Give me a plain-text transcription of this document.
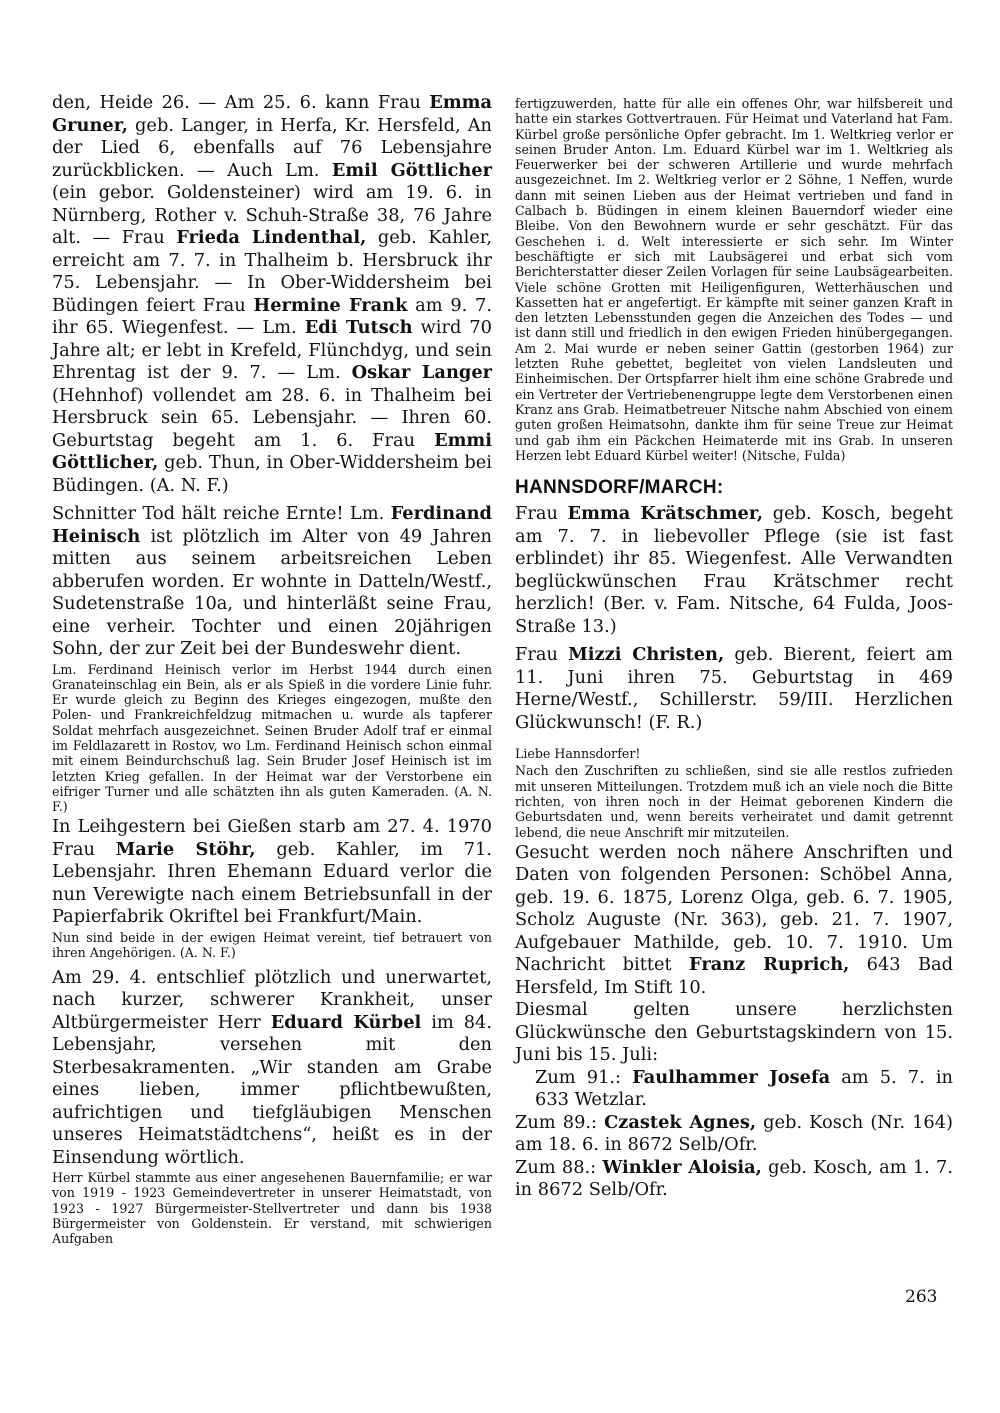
den, Heide 26. — Am 25. 6. kann Frau Emma Gruner, geb. Langer, in Herfa, Kr. Hersfeld, An der Lied 6, ebenfalls auf 76 Lebensjahre zurückblicken. — Auch Lm. Emil Göttlicher (ein gebor. Goldensteiner) wird am 19. 6. in Nürnberg, Rother v. Schuh-Straße 38, 76 Jahre alt. — Frau Frieda Lindenthal, geb. Kahler, erreicht am 7. 7. in Thalheim b. Hersbruck ihr 75. Lebensjahr. — In Ober-Widdersheim bei Büdingen feiert Frau Hermine Frank am 9. 7. ihr 65. Wiegenfest. — Lm. Edi Tutsch wird 70 Jahre alt; er lebt in Krefeld, Flünchdyg, und sein Ehrentag ist der 9. 7. — Lm. Oskar Langer (Hehnhof) vollendet am 28. 6. in Thalheim bei Hersbruck sein 65. Lebensjahr. — Ihren 60. Geburtstag begeht am 1. 6. Frau Emmi Göttlicher, geb. Thun, in Ober-Widdersheim bei Büdingen. (A. N. F.)

Schnitter Tod hält reiche Ernte! Lm. Ferdinand Heinisch ist plötzlich im Alter von 49 Jahren mitten aus seinem arbeitsreichen Leben abberufen worden. Er wohnte in Datteln/Westf., Sudetenstraße 10a, und hinterläßt seine Frau, eine verheir. Tochter und einen 20jährigen Sohn, der zur Zeit bei der Bundeswehr dient.

Lm. Ferdinand Heinisch verlor im Herbst 1944 durch einen Granateinschlag ein Bein, als er als Spieß in die vordere Linie fuhr. Er wurde gleich zu Beginn des Krieges eingezogen, mußte den Polen- und Frankreichfeldzug mitmachen u. wurde als tapferer Soldat mehrfach ausgezeichnet. Seinen Bruder Adolf traf er einmal im Feldlazarett in Rostov, wo Lm. Ferdinand Heinisch schon einmal mit einem Beindurchschuß lag. Sein Bruder Josef Heinisch ist im letzten Krieg gefallen. In der Heimat war der Verstorbene ein eifriger Turner und alle schätzten ihn als guten Kameraden. (A. N. F.)

In Leihgestern bei Gießen starb am 27. 4. 1970 Frau Marie Stöhr, geb. Kahler, im 71. Lebensjahr. Ihren Ehemann Eduard verlor die nun Verewigte nach einem Betriebsunfall in der Papierfabrik Okriftel bei Frankfurt/Main.

Nun sind beide in der ewigen Heimat vereint, tief betrauert von ihren Angehörigen. (A. N. F.)

Am 29. 4. entschlief plötzlich und unerwartet, nach kurzer, schwerer Krankheit, unser Altbürgermeister Herr Eduard Kürbel im 84. Lebensjahr, versehen mit den Sterbesakramenten. „Wir standen am Grabe eines lieben, immer pflichtbewußten, aufrichtigen und tiefgläubigen Menschen unseres Heimatstädtchens“, heißt es in der Einsendung wörtlich.

Herr Kürbel stammte aus einer angesehenen Bauernfamilie; er war von 1919 - 1923 Gemeindevertreter in unserer Heimatstadt, von 1923 - 1927 Bürgermeister-Stellvertreter und dann bis 1938 Bürgermeister von Goldenstein. Er verstand, mit schwierigen Aufgaben

fertigzuwerden, hatte für alle ein offenes Ohr, war hilfsbereit und hatte ein starkes Gottvertrauen. Für Heimat und Vaterland hat Fam. Kürbel große persönliche Opfer gebracht. Im 1. Weltkrieg verlor er seinen Bruder Anton. Lm. Eduard Kürbel war im 1. Weltkrieg als Feuerwerker bei der schweren Artillerie und wurde mehrfach ausgezeichnet. Im 2. Weltkrieg verlor er 2 Söhne, 1 Neffen, wurde dann mit seinen Lieben aus der Heimat vertrieben und fand in Calbach b. Büdingen in einem kleinen Bauerndorf wieder eine Bleibe. Von den Bewohnern wurde er sehr geschätzt. Für das Geschehen i. d. Welt interessierte er sich sehr. Im Winter beschäftigte er sich mit Laubsägerei und erbat sich vom Berichterstatter dieser Zeilen Vorlagen für seine Laubsägearbeiten. Viele schöne Grotten mit Heiligenfiguren, Wetterhäuschen und Kassetten hat er angefertigt. Er kämpfte mit seiner ganzen Kraft in den letzten Lebensstunden gegen die Anzeichen des Todes — und ist dann still und friedlich in den ewigen Frieden hinübergegangen. Am 2. Mai wurde er neben seiner Gattin (gestorben 1964) zur letzten Ruhe gebettet, begleitet von vielen Landsleuten und Einheimischen. Der Ortspfarrer hielt ihm eine schöne Grabrede und ein Vertreter der Vertriebenengruppe legte dem Verstorbenen einen Kranz ans Grab. Heimatbetreuer Nitsche nahm Abschied von einem guten großen Heimatsohn, dankte ihm für seine Treue zur Heimat und gab ihm ein Päckchen Heimaterde mit ins Grab. In unseren Herzen lebt Eduard Kürbel weiter! (Nitsche, Fulda)

HANNSDORF/MARCH:

Frau Emma Krätschmer, geb. Kosch, begeht am 7. 7. in liebevoller Pflege (sie ist fast erblindet) ihr 85. Wiegenfest. Alle Verwandten beglückwünschen Frau Krätschmer recht herzlich! (Ber. v. Fam. Nitsche, 64 Fulda, Joos-Straße 13.)

Frau Mizzi Christen, geb. Bierent, feiert am 11. Juni ihren 75. Geburtstag in 469 Herne/Westf., Schillerstr. 59/III. Herzlichen Glückwunsch! (F. R.)

Liebe Hannsdorfer!

Nach den Zuschriften zu schließen, sind sie alle restlos zufrieden mit unseren Mitteilungen. Trotzdem muß ich an viele noch die Bitte richten, von ihren noch in der Heimat geborenen Kindern die Geburtsdaten und, wenn bereits verheiratet und damit getrennt lebend, die neue Anschrift mir mitzuteilen.

Gesucht werden noch nähere Anschriften und Daten von folgenden Personen: Schöbel Anna, geb. 19. 6. 1875, Lorenz Olga, geb. 6. 7. 1905, Scholz Auguste (Nr. 363), geb. 21. 7. 1907, Aufgebauer Mathilde, geb. 10. 7. 1910. Um Nachricht bittet Franz Ruprich, 643 Bad Hersfeld, Im Stift 10.

Diesmal gelten unsere herzlichsten Glückwünsche den Geburtstagskindern von 15. Juni bis 15. Juli:

Zum 91.: Faulhammer Josefa am 5. 7. in 633 Wetzlar.

Zum 89.: Czastek Agnes, geb. Kosch (Nr. 164) am 18. 6. in 8672 Selb/Ofr.

Zum 88.: Winkler Aloisia, geb. Kosch, am 1. 7. in 8672 Selb/Ofr.

263
